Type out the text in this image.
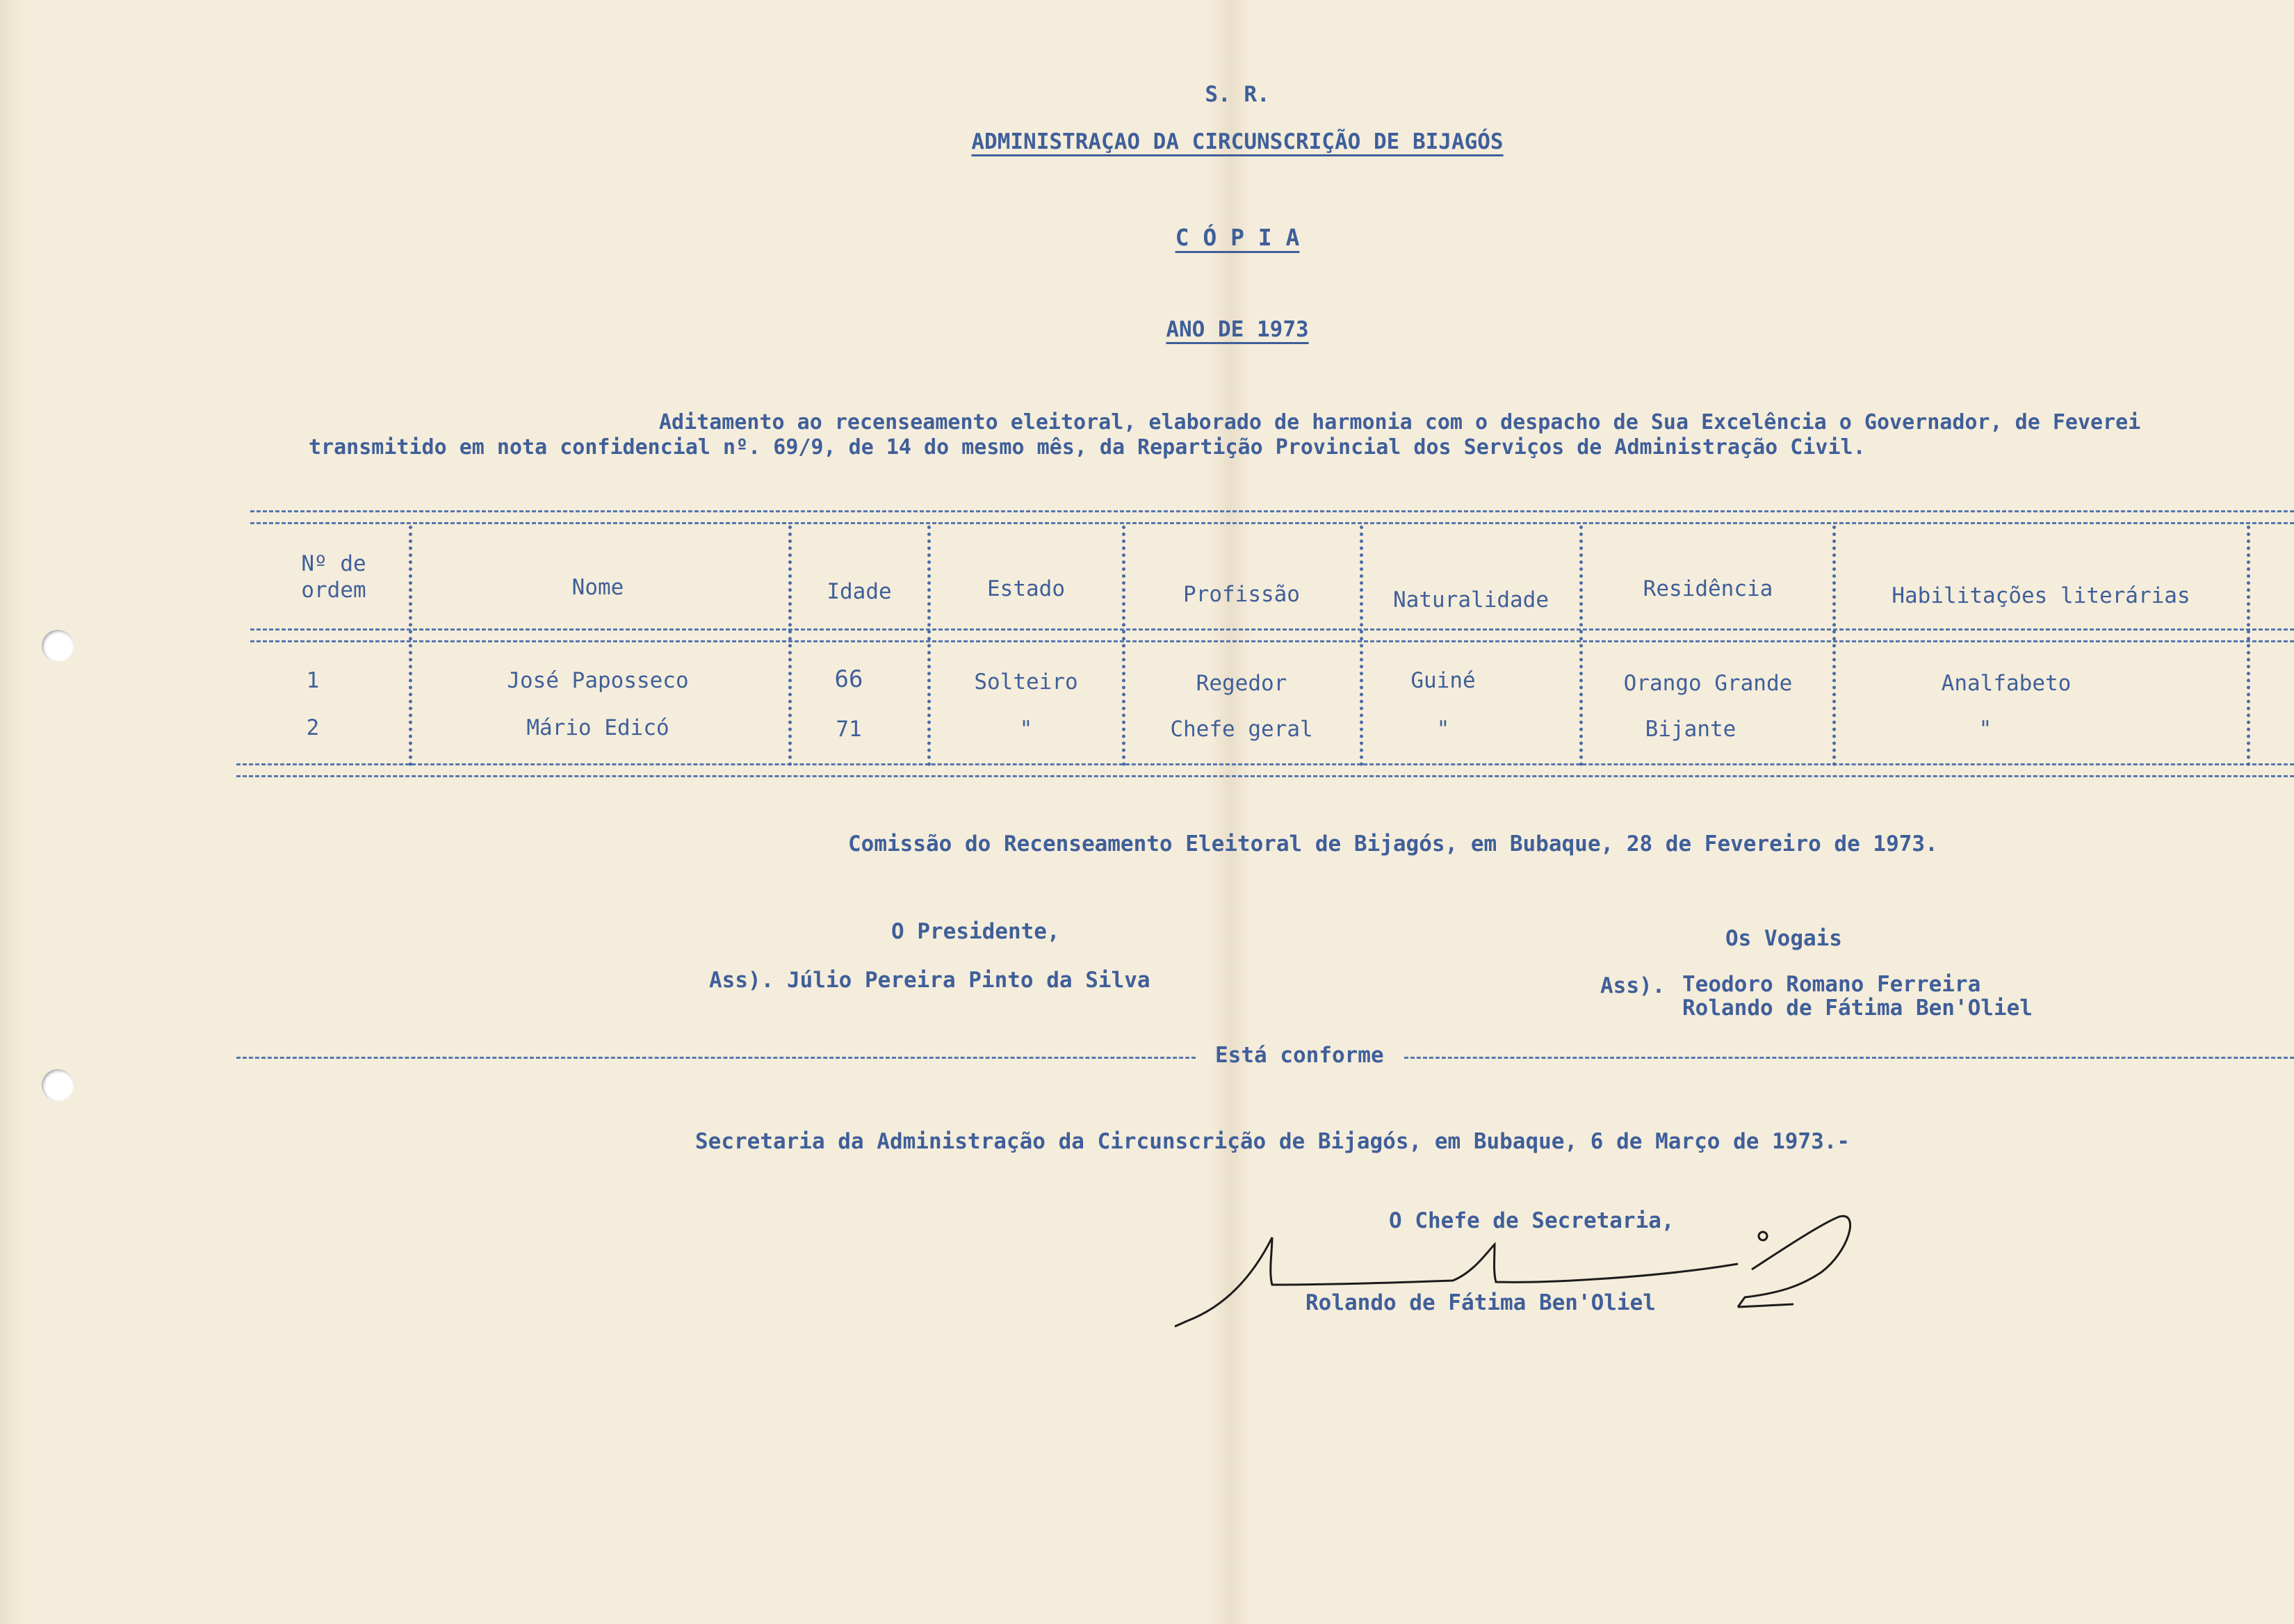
S. R.
ADMINISTRAÇAO DA CIRCUNSCRIÇÃO DE BIJAGÓS
C Ó P I A
ANO DE 1973
Aditamento ao recenseamento eleitoral, elaborado de harmonia com o despacho de Sua Excelência o Governador, de Feverei
transmitido em nota confidencial nº. 69/9, de 14 do mesmo mês, da Repartição Provincial dos Serviços de Administração Civil.
Nº de
ordem	Nome	Idade	Estado	Profissão	Naturalidade	Residência	Habilitações literárias
1	José Paposseco	66	Solteiro	Regedor	Guiné	Orango Grande	Analfabeto
2	Mário Edicó	71	"	Chefe geral	"	Bijante	"
Comissão do Recenseamento Eleitoral de Bijagós, em Bubaque, 28 de Fevereiro de 1973.
O Presidente,
Ass). Júlio Pereira Pinto da Silva
Os Vogais
Ass). Teodoro Romano Ferreira
Rolando de Fátima Ben'Oliel
Está conforme
Secretaria da Administração da Circunscrição de Bijagós, em Bubaque, 6 de Março de 1973.-
O Chefe de Secretaria,
Rolando de Fátima Ben'Oliel
